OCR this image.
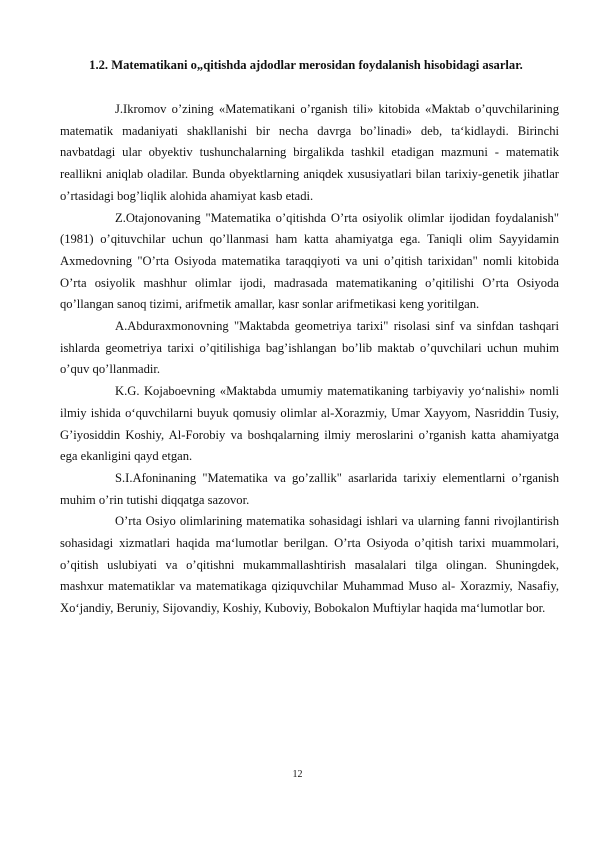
1.2. Matematikani o„qitishda ajdodlar merosidan foydalanish hisobidagi asarlar.

J.Ikromov o’zining «Matematikani o’rganish tili» kitobida «Maktab o’quvchilarining matematik madaniyati shakllanishi bir necha davrga bo’linadi» deb, ta‘kidlaydi. Birinchi navbatdagi ular obyektiv tushunchalarning birgalikda tashkil etadigan mazmuni - matematik reallikni aniqlab oladilar. Bunda obyektlarning aniqdek xususiyatlari bilan tarixiy-genetik jihatlar o’rtasidagi bog’liqlik alohida ahamiyat kasb etadi.

Z.Otajonovaning "Matematika o’qitishda O’rta osiyolik olimlar ijodidan foydalanish" (1981) o’qituvchilar uchun qo’llanmasi ham katta ahamiyatga ega. Taniqli olim Sayyidamin Axmedovning "O’rta Osiyoda matematika taraqqiyoti va uni o’qitish tarixidan" nomli kitobida O’rta osiyolik mashhur olimlar ijodi, madrasada matematikaning o’qitilishi O’rta Osiyoda qo’llangan sanoq tizimi, arifmetik amallar, kasr sonlar arifmetikasi keng yoritilgan.

A.Abduraxmonovning "Maktabda geometriya tarixi" risolasi sinf va sinfdan tashqari ishlarda geometriya tarixi o’qitilishiga bag’ishlangan bo’lib maktab o’quvchilari uchun muhim o’quv qo’llanmadir.

K.G. Kojaboevning «Maktabda umumiy matematikaning tarbiyaviy yo‘nalishi» nomli ilmiy ishida o‘quvchilarni buyuk qomusiy olimlar al-Xorazmiy, Umar Xayyom, Nasriddin Tusiy, G’iyosiddin Koshiy, Al-Forobiy va boshqalarning ilmiy meroslarini o’rganish katta ahamiyatga ega ekanligini qayd etgan.

S.I.Afoninaning "Matematika va go’zallik" asarlarida tarixiy elementlarni o’rganish muhim o’rin tutishi diqqatga sazovor.

O’rta Osiyo olimlarining matematika sohasidagi ishlari va ularning fanni rivojlantirish sohasidagi xizmatlari haqida ma‘lumotlar berilgan. O’rta Osiyoda o’qitish tarixi muammolari, o’qitish uslubiyati va o’qitishni mukammallashtirish masalalari tilga olingan. Shuningdek, mashxur matematiklar va matematikaga qiziquvchilar Muhammad Muso al- Xorazmiy, Nasafiy, Xo‘jandiy, Beruniy, Sijovandiy, Koshiy, Kuboviy, Bobokalon Muftiylar haqida ma‘lumotlar bor.

12
